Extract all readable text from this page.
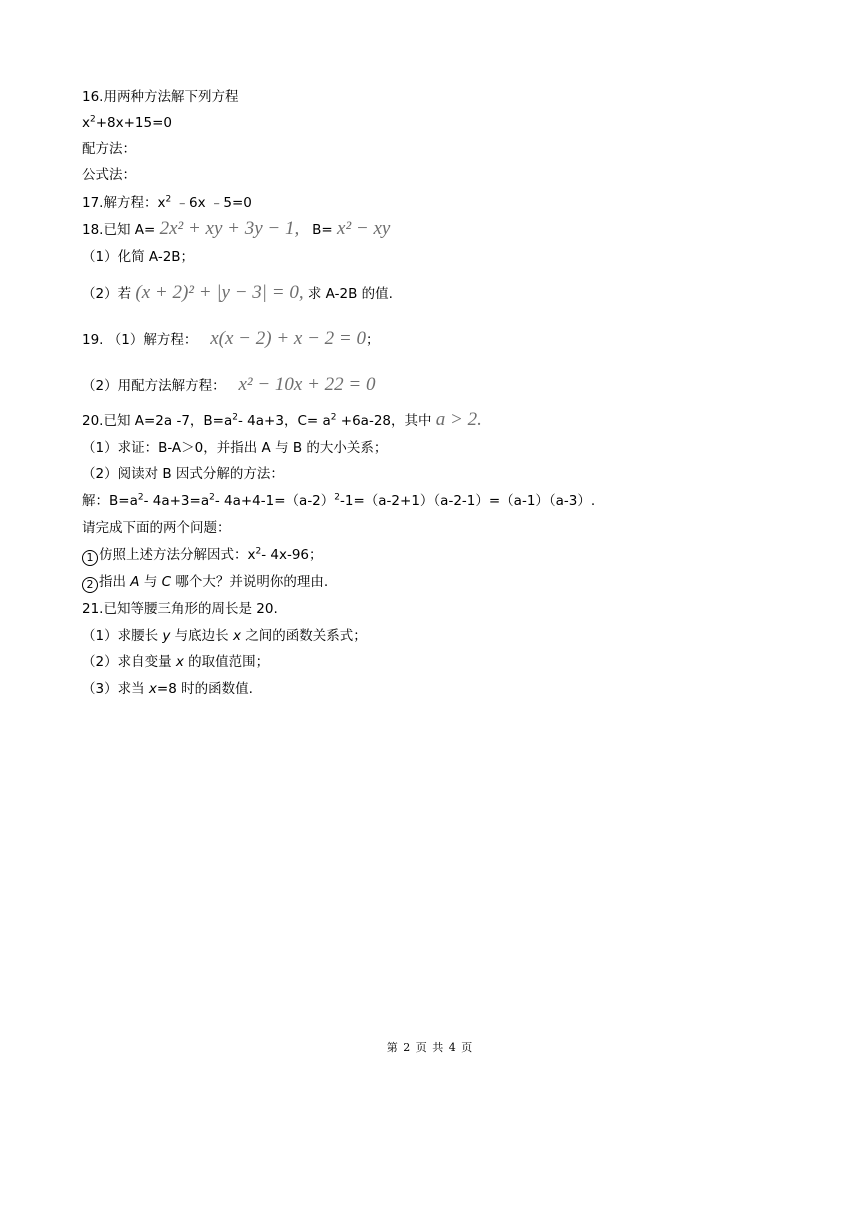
16.用两种方法解下列方程
$x^2+8x+15=0$
配方法：
公式法：
17.解方程：$x^2$ ﹣6x ﹣5=0
18.已知 A= 2x² + xy + 3y − 1, B= x² − xy
（1）化简 A-2B；
（2）若 (x + 2)² + |y − 3| = 0, 求 A-2B 的值.
19. （1）解方程： x(x − 2) + x − 2 = 0；
（2）用配方法解方程： x² − 10x + 22 = 0
20.已知 A=2a -7，$B=a^2-$ 4a+3，$C= a^2 +6a-28$，其中 a > 2.
（1）求证：B-A＞0，并指出 A 与 B 的大小关系；
（2）阅读对 B 因式分解的方法：
解：$B=a^2-$ $4a+3=a^2-$ $4a+4-1=(a-2)^2-1=(a-2+1)(a-2-1)=(a-1)(a-3)$.
请完成下面的两个问题：
1 仿照上述方法分解因式：$x^2-$ 4x-96；
2 指出 A 与 C 哪个大？并说明你的理由.
21.已知等腰三角形的周长是 20.
（1）求腰长 y 与底边长 x 之间的函数关系式；
（2）求自变量 x 的取值范围；
（3）求当 x=8 时的函数值.
第 2 页 共 4 页
